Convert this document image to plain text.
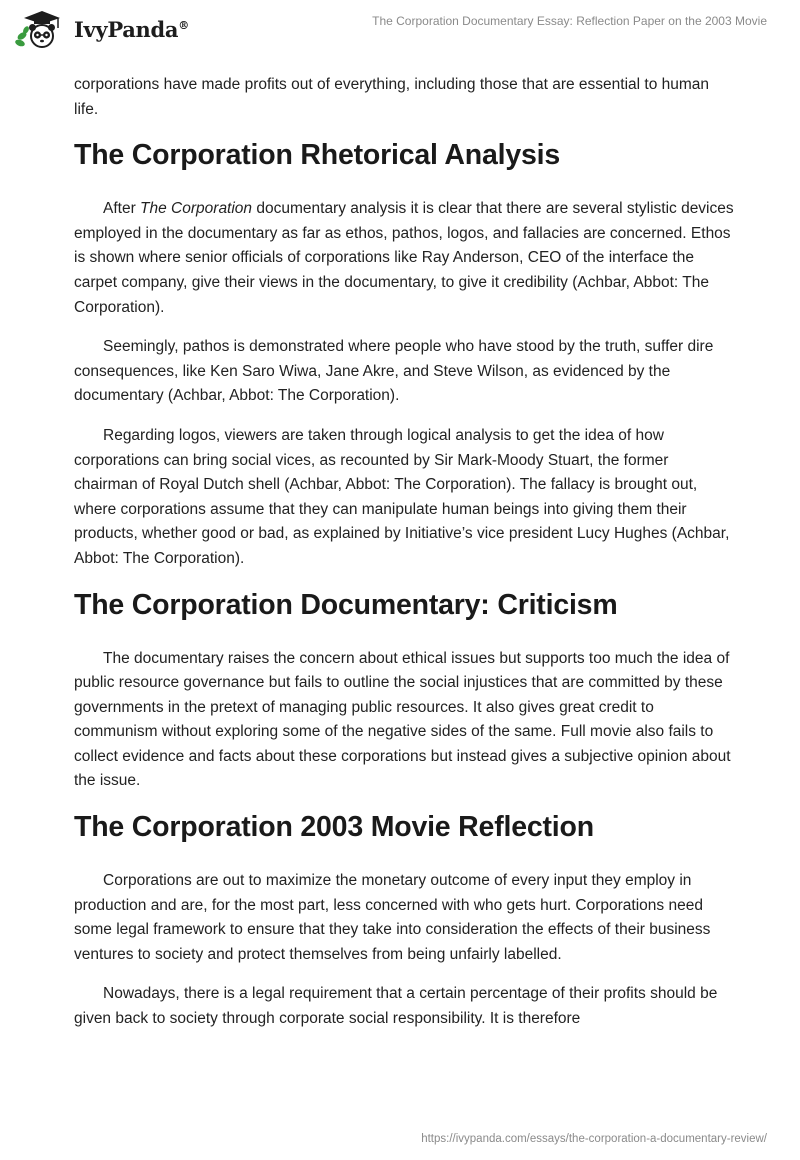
IvyPanda®	The Corporation Documentary Essay: Reflection Paper on the 2003 Movie

corporations have made profits out of everything, including those that are essential to human life.

The Corporation Rhetorical Analysis

After The Corporation documentary analysis it is clear that there are several stylistic devices employed in the documentary as far as ethos, pathos, logos, and fallacies are concerned. Ethos is shown where senior officials of corporations like Ray Anderson, CEO of the interface the carpet company, give their views in the documentary, to give it credibility (Achbar, Abbot: The Corporation).

Seemingly, pathos is demonstrated where people who have stood by the truth, suffer dire consequences, like Ken Saro Wiwa, Jane Akre, and Steve Wilson, as evidenced by the documentary (Achbar, Abbot: The Corporation).

Regarding logos, viewers are taken through logical analysis to get the idea of how corporations can bring social vices, as recounted by Sir Mark-Moody Stuart, the former chairman of Royal Dutch shell (Achbar, Abbot: The Corporation). The fallacy is brought out, where corporations assume that they can manipulate human beings into giving them their products, whether good or bad, as explained by Initiative’s vice president Lucy Hughes (Achbar, Abbot: The Corporation).

The Corporation Documentary: Criticism

The documentary raises the concern about ethical issues but supports too much the idea of public resource governance but fails to outline the social injustices that are committed by these governments in the pretext of managing public resources. It also gives great credit to communism without exploring some of the negative sides of the same. Full movie also fails to collect evidence and facts about these corporations but instead gives a subjective opinion about the issue.

The Corporation 2003 Movie Reflection

Corporations are out to maximize the monetary outcome of every input they employ in production and are, for the most part, less concerned with who gets hurt. Corporations need some legal framework to ensure that they take into consideration the effects of their business ventures to society and protect themselves from being unfairly labelled.

Nowadays, there is a legal requirement that a certain percentage of their profits should be given back to society through corporate social responsibility. It is therefore

https://ivypanda.com/essays/the-corporation-a-documentary-review/
